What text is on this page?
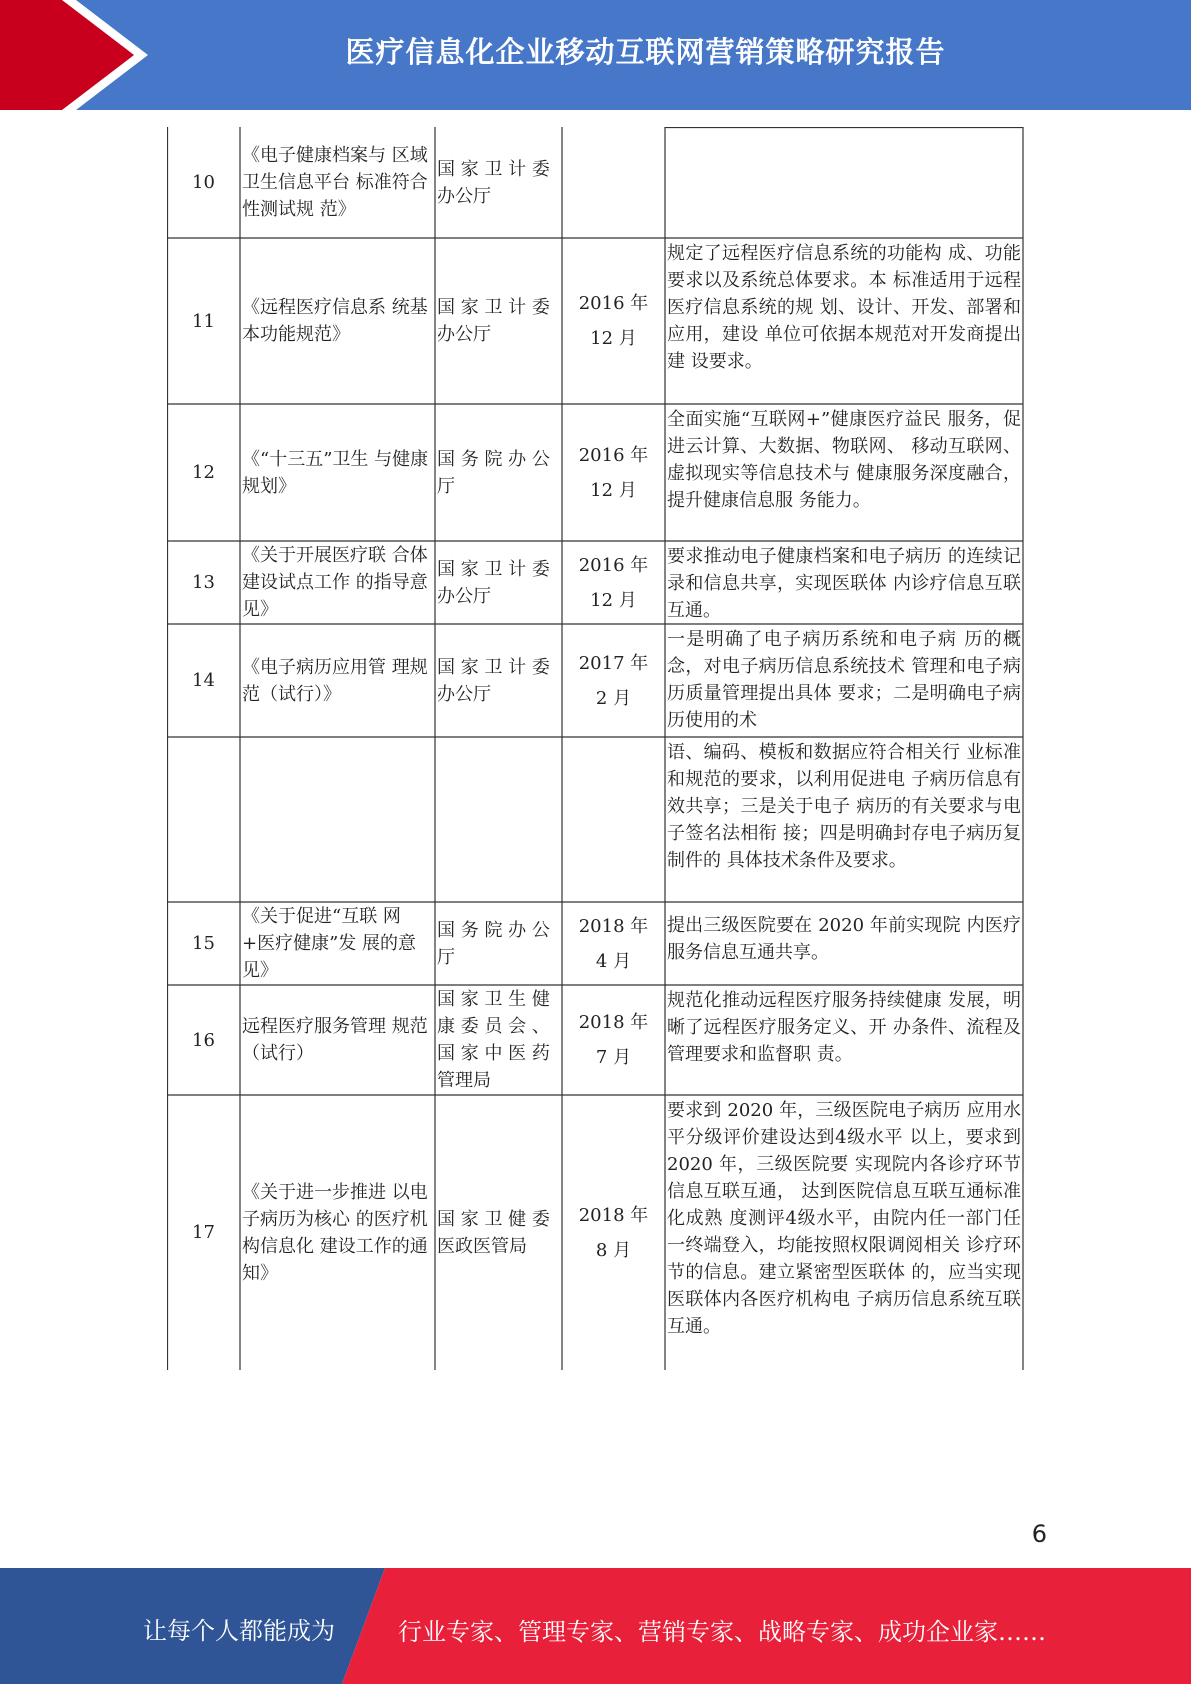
医疗信息化企业移动互联网营销策略研究报告
10
《电子健康档案与 区域卫生信息平台 标准符合性测试规 范》
国 家 卫 计 委办公厅
11
《远程医疗信息系 统基本功能规范》
国 家 卫 计 委办公厅
2016 年
12 月
规定了远程医疗信息系统的功能构 成、功能要求以及系统总体要求。本 标准适用于远程医疗信息系统的规 划、设计、开发、部署和应用，建设 单位可依据本规范对开发商提出建 设要求。
12
《“十三五”卫生 与健康规划》
国 务 院 办 公厅
2016 年
12 月
全面实施“互联网+”健康医疗益民 服务，促进云计算、大数据、物联网、 移动互联网、虚拟现实等信息技术与 健康服务深度融合，提升健康信息服 务能力。
13
《关于开展医疗联 合体建设试点工作 的指导意见》
国 家 卫 计 委办公厅
2016 年
12 月
要求推动电子健康档案和电子病历 的连续记录和信息共享，实现医联体 内诊疗信息互联互通。
14
《电子病历应用管 理规范（试行）》
国 家 卫 计 委办公厅
2017 年
2 月
一是明确了电子病历系统和电子病 历的概念，对电子病历信息系统技术 管理和电子病历质量管理提出具体 要求；二是明确电子病历使用的术
语、编码、模板和数据应符合相关行 业标准和规范的要求，以利用促进电 子病历信息有效共享；三是关于电子 病历的有关要求与电子签名法相衔 接；四是明确封存电子病历复制件的 具体技术条件及要求。
15
《关于促进“互联 网+医疗健康”发 展的意见》
国 务 院 办 公厅
2018 年
4 月
提出三级医院要在 2020 年前实现院 内医疗服务信息互通共享。
16
远程医疗服务管理 规范（试行）
国 家 卫 生 健康 委 员 会 、国 家 中 医 药管理局
2018 年
7 月
规范化推动远程医疗服务持续健康 发展，明晰了远程医疗服务定义、开 办条件、流程及管理要求和监督职 责。
17
《关于进一步推进 以电子病历为核心 的医疗机构信息化 建设工作的通知》
国 家 卫 健 委医政医管局
2018 年
8 月
要求到 2020 年，三级医院电子病历 应用水平分级评价建设达到4级水平 以上，要求到 2020 年，三级医院要 实现院内各诊疗环节信息互联互通， 达到医院信息互联互通标准化成熟 度测评4级水平，由院内任一部门任 一终端登入，均能按照权限调阅相关 诊疗环节的信息。建立紧密型医联体 的，应当实现医联体内各医疗机构电 子病历信息系统互联互通。
6
让每个人都能成为	行业专家、管理专家、营销专家、战略专家、成功企业家……
